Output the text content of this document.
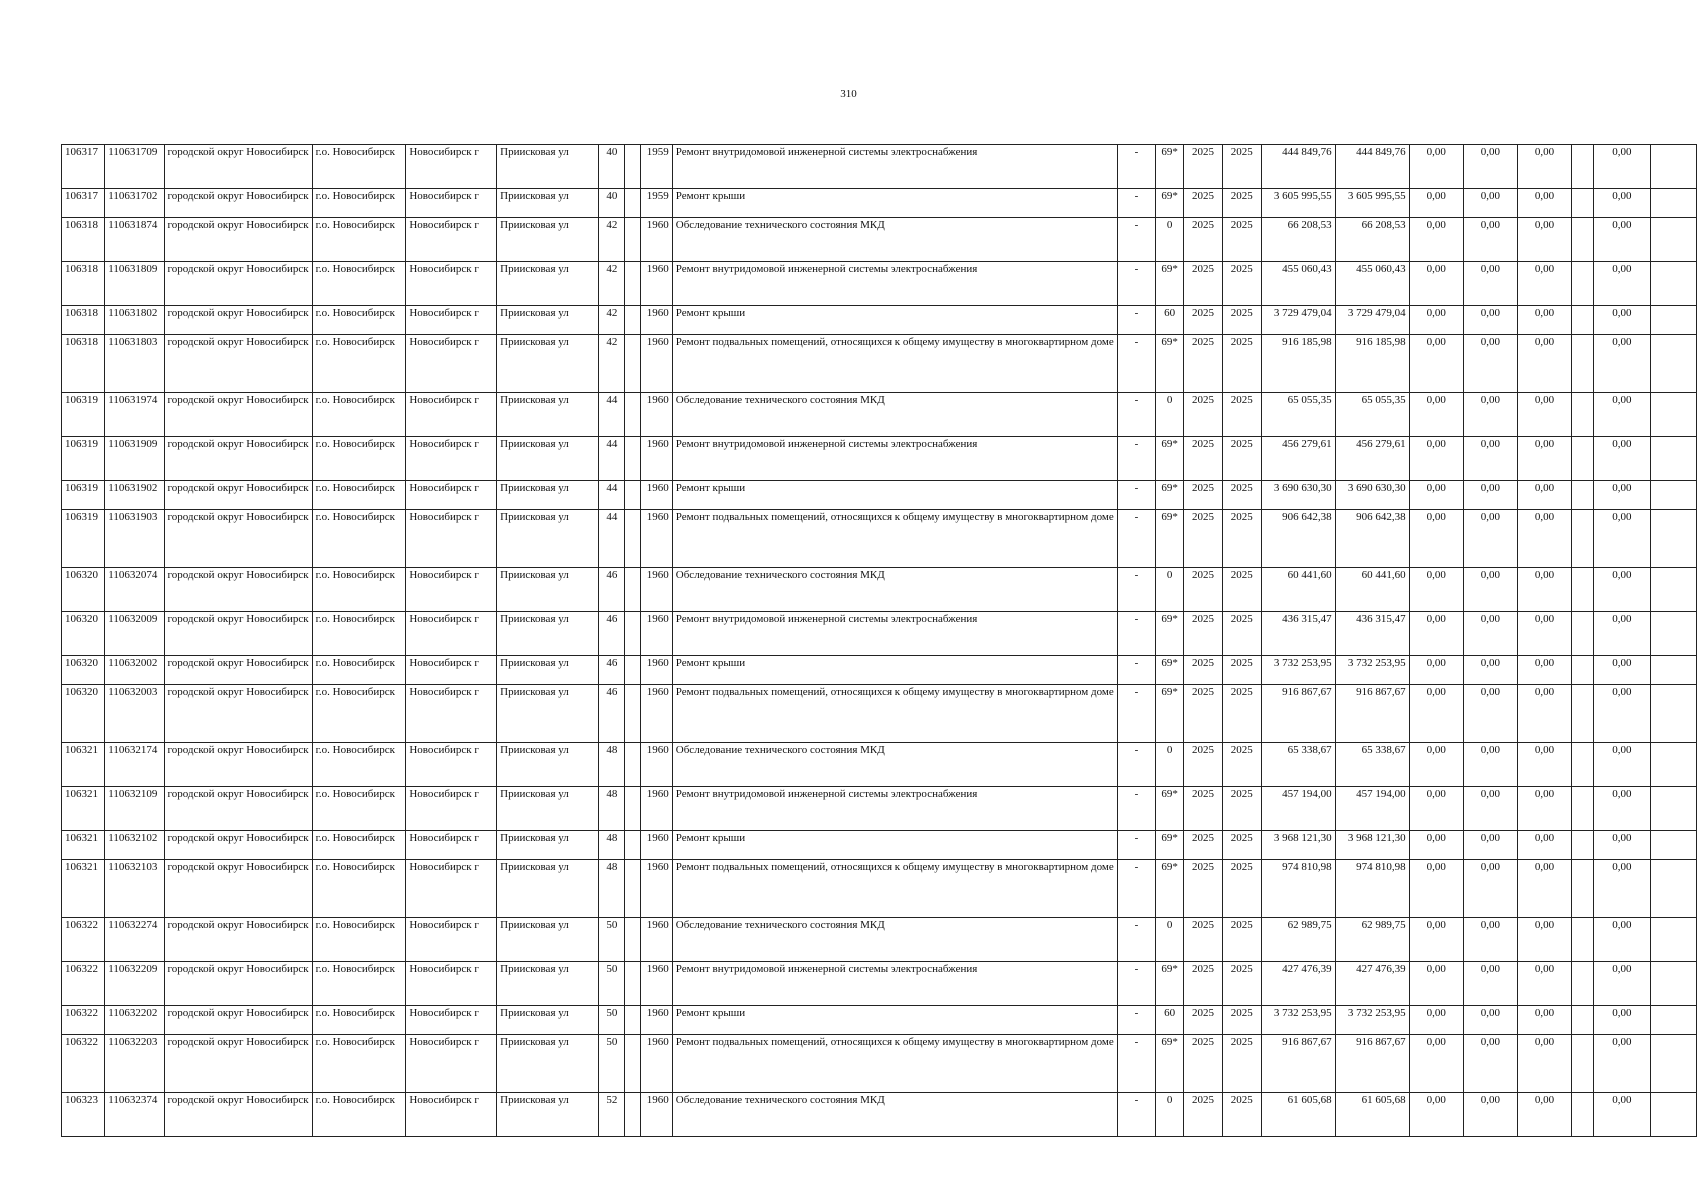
310
106317	110631709	городской округ Новосибирск	г.о. Новосибирск	Новосибирск г	Приисковая ул	40		1959	Ремонт внутридомовой инженерной системы электроснабжения	-	69*	2025	2025	444 849,76	444 849,76	0,00	0,00	0,00		0,00	
106317	110631702	городской округ Новосибирск	г.о. Новосибирск	Новосибирск г	Приисковая ул	40		1959	Ремонт крыши	-	69*	2025	2025	3 605 995,55	3 605 995,55	0,00	0,00	0,00		0,00	
106318	110631874	городской округ Новосибирск	г.о. Новосибирск	Новосибирск г	Приисковая ул	42		1960	Обследование технического состояния МКД	-	0	2025	2025	66 208,53	66 208,53	0,00	0,00	0,00		0,00	
106318	110631809	городской округ Новосибирск	г.о. Новосибирск	Новосибирск г	Приисковая ул	42		1960	Ремонт внутридомовой инженерной системы электроснабжения	-	69*	2025	2025	455 060,43	455 060,43	0,00	0,00	0,00		0,00	
106318	110631802	городской округ Новосибирск	г.о. Новосибирск	Новосибирск г	Приисковая ул	42		1960	Ремонт крыши	-	60	2025	2025	3 729 479,04	3 729 479,04	0,00	0,00	0,00		0,00	
106318	110631803	городской округ Новосибирск	г.о. Новосибирск	Новосибирск г	Приисковая ул	42		1960	Ремонт подвальных помещений, относящихся к общему имуществу в многоквартирном доме	-	69*	2025	2025	916 185,98	916 185,98	0,00	0,00	0,00		0,00	
106319	110631974	городской округ Новосибирск	г.о. Новосибирск	Новосибирск г	Приисковая ул	44		1960	Обследование технического состояния МКД	-	0	2025	2025	65 055,35	65 055,35	0,00	0,00	0,00		0,00	
106319	110631909	городской округ Новосибирск	г.о. Новосибирск	Новосибирск г	Приисковая ул	44		1960	Ремонт внутридомовой инженерной системы электроснабжения	-	69*	2025	2025	456 279,61	456 279,61	0,00	0,00	0,00		0,00	
106319	110631902	городской округ Новосибирск	г.о. Новосибирск	Новосибирск г	Приисковая ул	44		1960	Ремонт крыши	-	69*	2025	2025	3 690 630,30	3 690 630,30	0,00	0,00	0,00		0,00	
106319	110631903	городской округ Новосибирск	г.о. Новосибирск	Новосибирск г	Приисковая ул	44		1960	Ремонт подвальных помещений, относящихся к общему имуществу в многоквартирном доме	-	69*	2025	2025	906 642,38	906 642,38	0,00	0,00	0,00		0,00	
106320	110632074	городской округ Новосибирск	г.о. Новосибирск	Новосибирск г	Приисковая ул	46		1960	Обследование технического состояния МКД	-	0	2025	2025	60 441,60	60 441,60	0,00	0,00	0,00		0,00	
106320	110632009	городской округ Новосибирск	г.о. Новосибирск	Новосибирск г	Приисковая ул	46		1960	Ремонт внутридомовой инженерной системы электроснабжения	-	69*	2025	2025	436 315,47	436 315,47	0,00	0,00	0,00		0,00	
106320	110632002	городской округ Новосибирск	г.о. Новосибирск	Новосибирск г	Приисковая ул	46		1960	Ремонт крыши	-	69*	2025	2025	3 732 253,95	3 732 253,95	0,00	0,00	0,00		0,00	
106320	110632003	городской округ Новосибирск	г.о. Новосибирск	Новосибирск г	Приисковая ул	46		1960	Ремонт подвальных помещений, относящихся к общему имуществу в многоквартирном доме	-	69*	2025	2025	916 867,67	916 867,67	0,00	0,00	0,00		0,00	
106321	110632174	городской округ Новосибирск	г.о. Новосибирск	Новосибирск г	Приисковая ул	48		1960	Обследование технического состояния МКД	-	0	2025	2025	65 338,67	65 338,67	0,00	0,00	0,00		0,00	
106321	110632109	городской округ Новосибирск	г.о. Новосибирск	Новосибирск г	Приисковая ул	48		1960	Ремонт внутридомовой инженерной системы электроснабжения	-	69*	2025	2025	457 194,00	457 194,00	0,00	0,00	0,00		0,00	
106321	110632102	городской округ Новосибирск	г.о. Новосибирск	Новосибирск г	Приисковая ул	48		1960	Ремонт крыши	-	69*	2025	2025	3 968 121,30	3 968 121,30	0,00	0,00	0,00		0,00	
106321	110632103	городской округ Новосибирск	г.о. Новосибирск	Новосибирск г	Приисковая ул	48		1960	Ремонт подвальных помещений, относящихся к общему имуществу в многоквартирном доме	-	69*	2025	2025	974 810,98	974 810,98	0,00	0,00	0,00		0,00	
106322	110632274	городской округ Новосибирск	г.о. Новосибирск	Новосибирск г	Приисковая ул	50		1960	Обследование технического состояния МКД	-	0	2025	2025	62 989,75	62 989,75	0,00	0,00	0,00		0,00	
106322	110632209	городской округ Новосибирск	г.о. Новосибирск	Новосибирск г	Приисковая ул	50		1960	Ремонт внутридомовой инженерной системы электроснабжения	-	69*	2025	2025	427 476,39	427 476,39	0,00	0,00	0,00		0,00	
106322	110632202	городской округ Новосибирск	г.о. Новосибирск	Новосибирск г	Приисковая ул	50		1960	Ремонт крыши	-	60	2025	2025	3 732 253,95	3 732 253,95	0,00	0,00	0,00		0,00	
106322	110632203	городской округ Новосибирск	г.о. Новосибирск	Новосибирск г	Приисковая ул	50		1960	Ремонт подвальных помещений, относящихся к общему имуществу в многоквартирном доме	-	69*	2025	2025	916 867,67	916 867,67	0,00	0,00	0,00		0,00	
106323	110632374	городской округ Новосибирск	г.о. Новосибирск	Новосибирск г	Приисковая ул	52		1960	Обследование технического состояния МКД	-	0	2025	2025	61 605,68	61 605,68	0,00	0,00	0,00		0,00	
